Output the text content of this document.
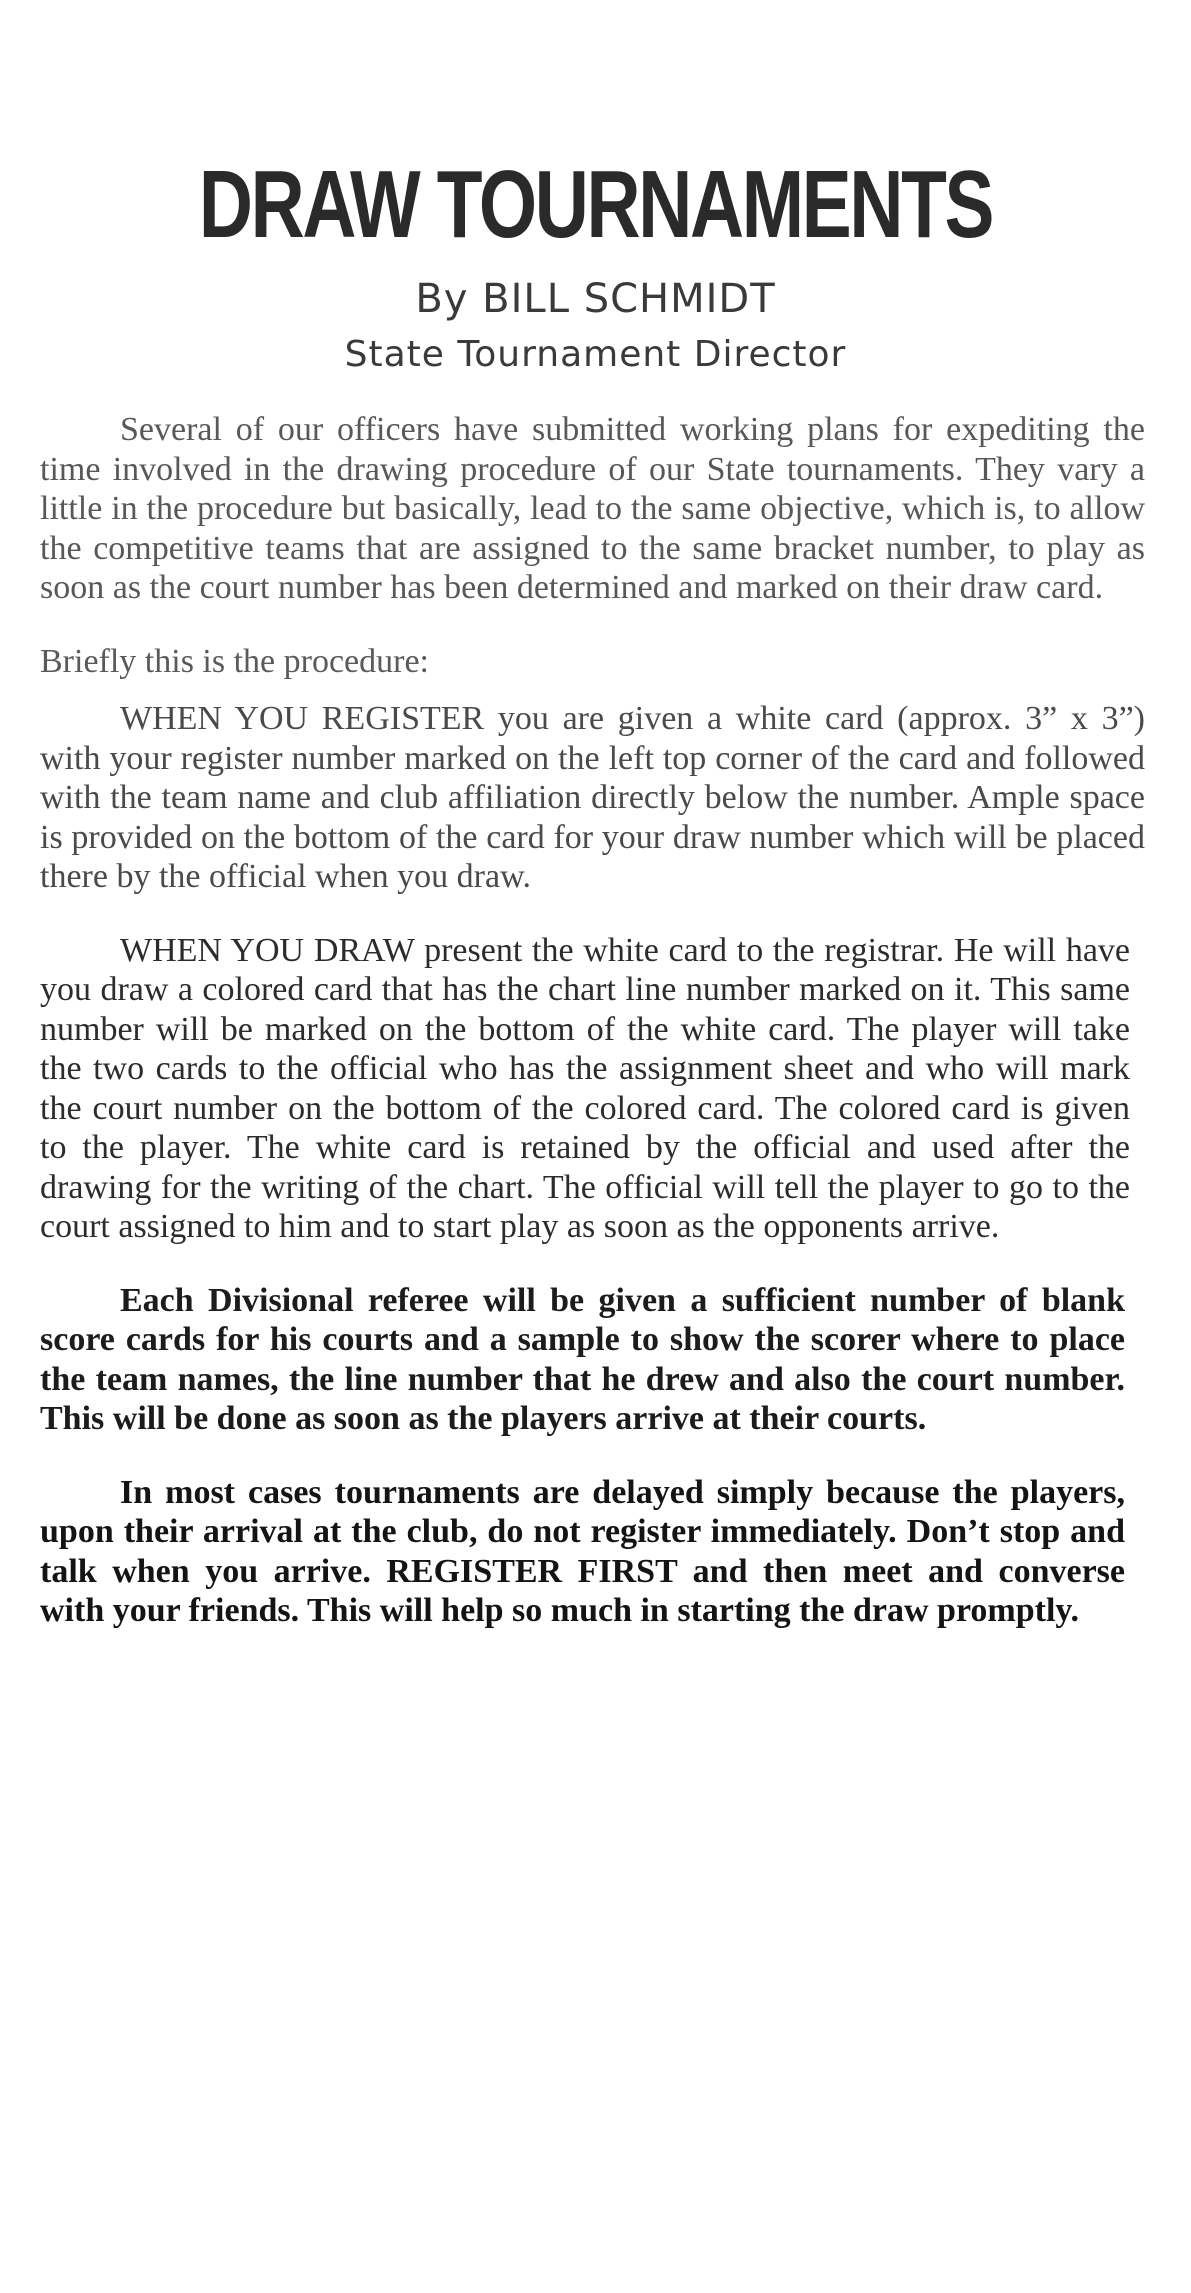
DRAW TOURNAMENTS
By BILL SCHMIDT
State Tournament Director

Several of our officers have submitted working plans for expediting the time involved in the drawing procedure of our State tournaments. They vary a little in the procedure but basically, lead to the same objective, which is, to allow the competitive teams that are assigned to the same bracket number, to play as soon as the court number has been determined and marked on their draw card.

Briefly this is the procedure:

WHEN YOU REGISTER you are given a white card (approx. 3” x 3”) with your register number marked on the left top corner of the card and followed with the team name and club affiliation directly below the number. Ample space is provided on the bottom of the card for your draw number which will be placed there by the official when you draw.

WHEN YOU DRAW present the white card to the registrar. He will have you draw a colored card that has the chart line number marked on it. This same number will be marked on the bottom of the white card. The player will take the two cards to the official who has the assignment sheet and who will mark the court number on the bottom of the colored card. The colored card is given to the player. The white card is retained by the official and used after the drawing for the writing of the chart. The official will tell the player to go to the court assigned to him and to start play as soon as the opponents arrive.

Each Divisional referee will be given a sufficient number of blank score cards for his courts and a sample to show the scorer where to place the team names, the line number that he drew and also the court number. This will be done as soon as the players arrive at their courts.

In most cases tournaments are delayed simply because the players, upon their arrival at the club, do not register immediately. Don’t stop and talk when you arrive. REGISTER FIRST and then meet and converse with your friends. This will help so much in starting the draw promptly.
